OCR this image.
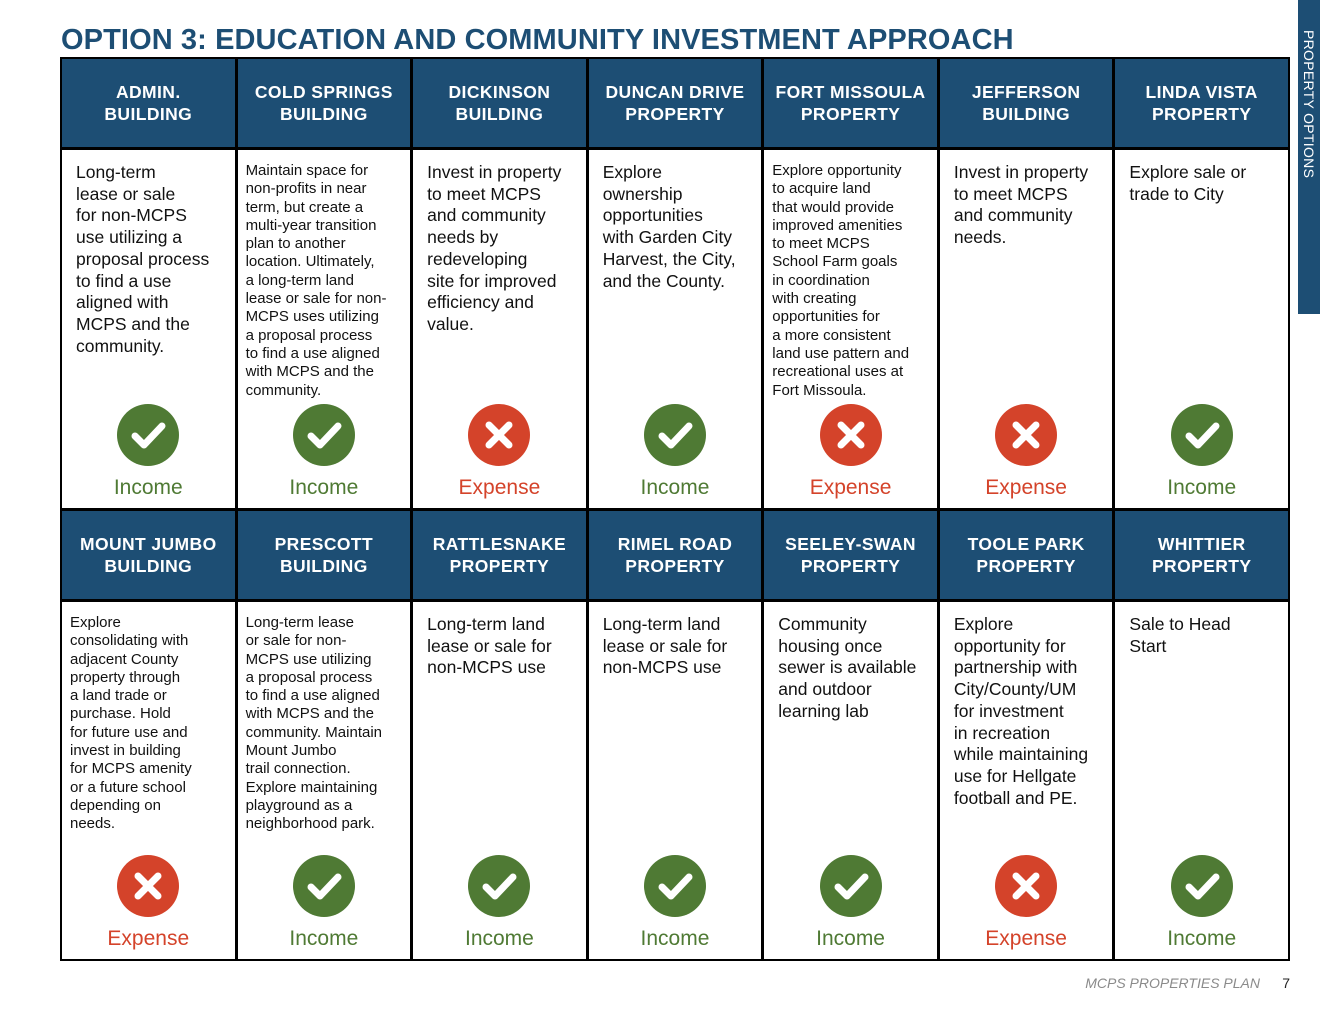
OPTION 3: EDUCATION AND COMMUNITY INVESTMENT APPROACH	PROPERTY OPTIONS
ADMIN.
BUILDING
COLD SPRINGS
BUILDING
DICKINSON
BUILDING
DUNCAN DRIVE
PROPERTY
FORT MISSOULA
PROPERTY
JEFFERSON
BUILDING
LINDA VISTA
PROPERTY
Long-term
lease or sale
for non-MCPS
use utilizing a
proposal process
to find a use
aligned with
MCPS and the
community.
Income
Maintain space for
non-profits in near
term, but create a
multi-year transition
plan to another
location. Ultimately,
a long-term land
lease or sale for non-
MCPS uses utilizing
a proposal process
to find a use aligned
with MCPS and the
community.
Income
Invest in property
to meet MCPS
and community
needs by
redeveloping
site for improved
efficiency and
value.
Expense
Explore
ownership
opportunities
with Garden City
Harvest, the City,
and the County.
Income
Explore opportunity
to acquire land
that would provide
improved amenities
to meet MCPS
School Farm goals
in coordination
with creating
opportunities for
a more consistent
land use pattern and
recreational uses at
Fort Missoula.
Expense
Invest in property
to meet MCPS
and community
needs.
Expense
Explore sale or
trade to City
Income
MOUNT JUMBO
BUILDING
PRESCOTT
BUILDING
RATTLESNAKE
PROPERTY
RIMEL ROAD
PROPERTY
SEELEY-SWAN
PROPERTY
TOOLE PARK
PROPERTY
WHITTIER
PROPERTY
Explore
consolidating with
adjacent County
property through
a land trade or
purchase. Hold
for future use and
invest in building
for MCPS amenity
or a future school
depending on
needs.
Expense
Long-term lease
or sale for non-
MCPS use utilizing
a proposal process
to find a use aligned
with MCPS and the
community. Maintain
Mount Jumbo
trail connection.
Explore maintaining
playground as a
neighborhood park.
Income
Long-term land
lease or sale for
non-MCPS use
Income
Long-term land
lease or sale for
non-MCPS use
Income
Community
housing once
sewer is available
and outdoor
learning lab
Income
Explore
opportunity for
partnership with
City/County/UM
for investment
in recreation
while maintaining
use for Hellgate
football and PE.
Expense
Sale to Head
Start
Income
MCPS PROPERTIES PLAN 7
